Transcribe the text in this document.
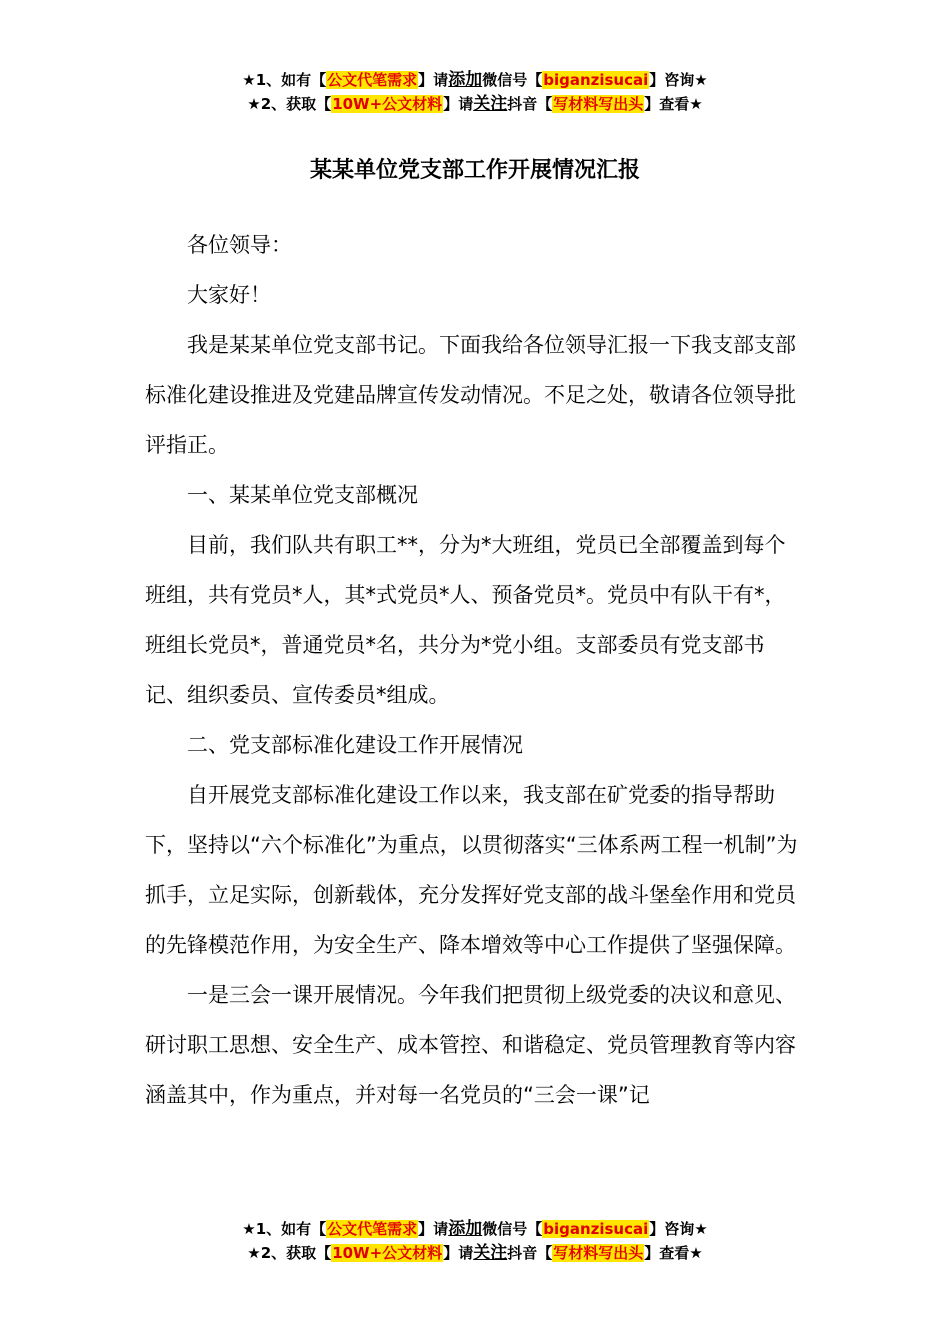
★1、如有【公文代笔需求】请添加微信号【biganzisucai】咨询★
★2、获取【10W+公文材料】请关注抖音【写材料写出头】查看★
某某单位党支部工作开展情况汇报

各位领导：

大家好！

我是某某单位党支部书记。下面我给各位领导汇报一下我支部支部标准化建设推进及党建品牌宣传发动情况。不足之处，敬请各位领导批评指正。

一、某某单位党支部概况

目前，我们队共有职工**，分为*大班组，党员已全部覆盖到每个班组，共有党员*人，其*式党员*人、预备党员*。党员中有队干有*，班组长党员*，普通党员*名，共分为*党小组。支部委员有党支部书记、组织委员、宣传委员*组成。

二、党支部标准化建设工作开展情况

自开展党支部标准化建设工作以来，我支部在矿党委的指导帮助下，坚持以“六个标准化”为重点，以贯彻落实“三体系两工程一机制”为抓手，立足实际，创新载体，充分发挥好党支部的战斗堡垒作用和党员的先锋模范作用，为安全生产、降本增效等中心工作提供了坚强保障。

一是三会一课开展情况。今年我们把贯彻上级党委的决议和意见、研讨职工思想、安全生产、成本管控、和谐稳定、党员管理教育等内容涵盖其中，作为重点，并对每一名党员的“三会一课”记

★1、如有【公文代笔需求】请添加微信号【biganzisucai】咨询★
★2、获取【10W+公文材料】请关注抖音【写材料写出头】查看★
